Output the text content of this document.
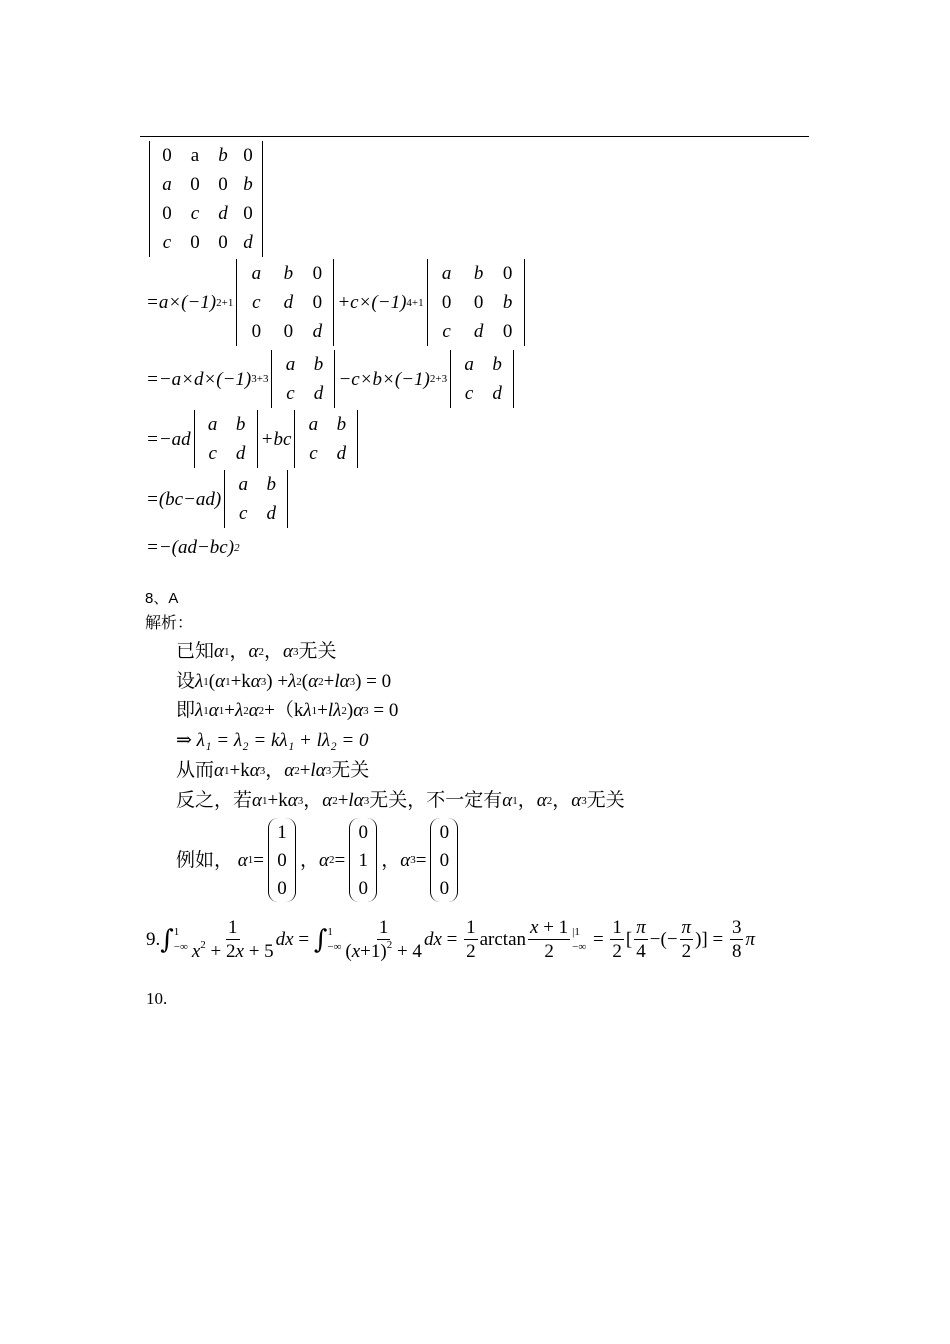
0	a	b 0
a 0 0 b
0	c	d 0
c	0 0 d
=a×(−1) 2+1
a	b	0
c	d	0
0	0	d
+c×(−1) 4+1
a	b	0
0	0	b
c	d	0
=−a×d×(−1) 3+3
a b
c	d
−c×b×(−1) 2+3
a b
c	d
=−ad
a b
c	d
+bc
a b
c	d
=(bc−ad)
a b
c	d
=−(ad−bc) 2
8、A
解析：
已知 α 1 ， α 2 ， α 3 无关
设 λ 1 ( α 1 +k α 3 ) + λ 2 ( α 2 + l α 3 ) = 0
即 λ 1 α 1 + λ 2 α 2 +（k λ 1 + l λ 2 ) α 3
= 0
⇒ λ₁ = λ₂ = kλ₁ + lλ₂ = 0
从而 α 1 +k α 3 ， α 2 + l α 3 无关
反之，若 α 1 +k α 3 ， α 2 + l α 3 无关，不一定有 α 1 ， α 2 ， α 3 无关
例如，
α 1 =
1
0
0
， α 2 =
0
1
0
， α 3 =
0
0
0
9. ∫ 1
−∞ $\frac{1}{x^2 + 2x + 5}$ dx = ∫ 1
−∞ $\frac{1}{(x+1)^2 + 4}$ dx = $\frac{1}{2}$ $\arctan \frac{x + 1}{2} |1$
−∞ = $\frac{1}{2}$ [ $\frac{\pi}{4}$ −(− $\frac{\pi}{2}$ )] = $\frac{3}{8}$ π
10.
